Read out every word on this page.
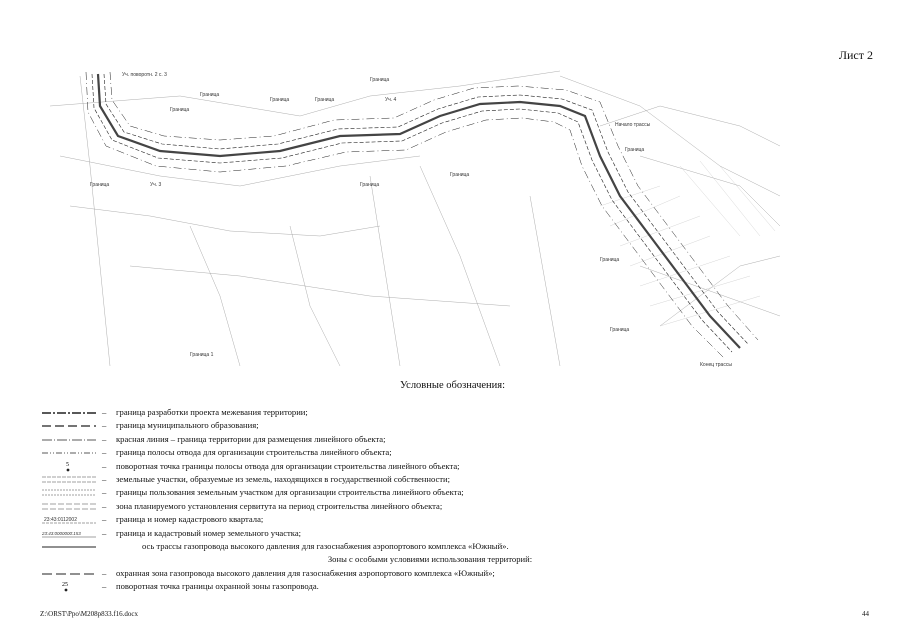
Лист 2
Уч. поворотн. 2 с. 3
Граница
Граница
Граница
Граница
Уч. 4
Граница
Граница
Уч. 3	Граница
Граница
Граница
Начало трассы
Граница
Граница
Конец трассы
Граница 1
Условные обозначения:
– граница разработки проекта межевания территории;
– граница муниципального образования;
– красная линия – граница территории для размещения линейного объекта;
– граница полосы отвода для организации строительства линейного объекта;
5	– поворотная точка границы полосы отвода для организации строительства линейного объекта;
– земельные участки, образуемые из земель, находящихся в государственной собственности;
– границы пользования земельным участком для организации строительства линейного объекта;
– зона планируемого установления сервитута на период строительства линейного объекта;
23:43:0112002	– граница и номер кадастрового квартала;
23:43:0000000:153 – граница и кадастровый номер земельного участка;
ось трассы газопровода высокого давления для газоснабжения аэропортового комплекса «Южный».
Зоны с особыми условиями использования территорий:
– охранная зона газопровода высокого давления для газоснабжения аэропортового комплекса «Южный»;
25	– поворотная точка границы охранной зоны газопровода.
Z:\ORST\Ppo\M208p833.f16.docx	44
